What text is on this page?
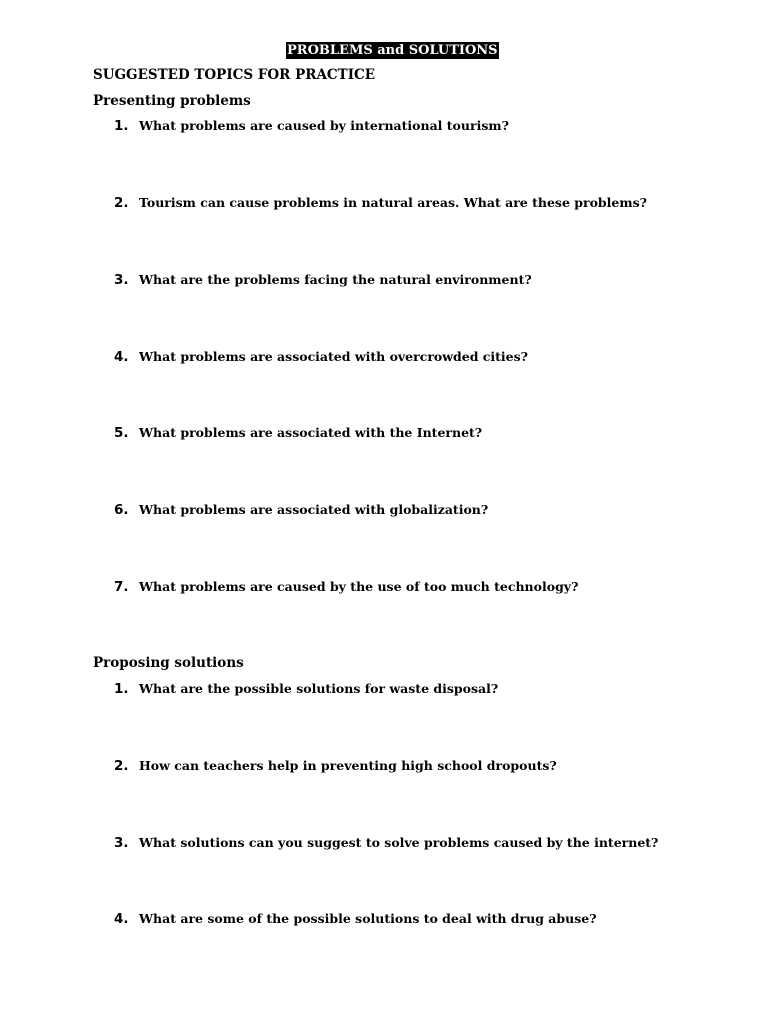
PROBLEMS and SOLUTIONS
SUGGESTED TOPICS FOR PRACTICE
Presenting problems
1. What problems are caused by international tourism?
2. Tourism can cause problems in natural areas. What are these problems?
3. What are the problems facing the natural environment?
4. What problems are associated with overcrowded cities?
5. What problems are associated with the Internet?
6. What problems are associated with globalization?
7. What problems are caused by the use of too much technology?
Proposing solutions
1. What are the possible solutions for waste disposal?
2. How can teachers help in preventing high school dropouts?
3. What solutions can you suggest to solve problems caused by the internet?
4. What are some of the possible solutions to deal with drug abuse?
